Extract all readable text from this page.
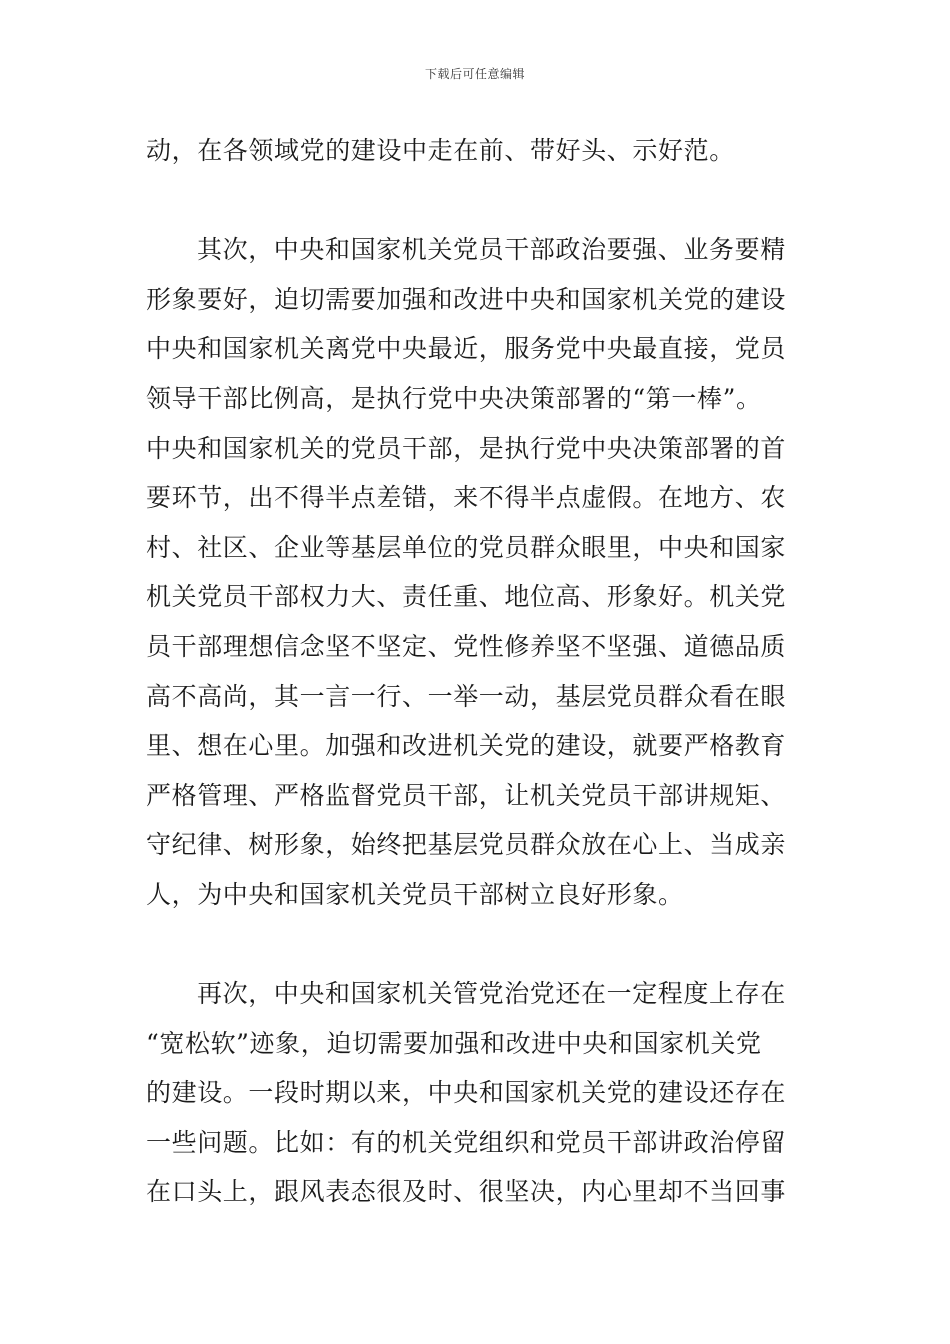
下载后可任意编辑
动，在各领域党的建设中走在前、带好头、示好范。
其次，中央和国家机关党员干部政治要强、业务要精
形象要好，迫切需要加强和改进中央和国家机关党的建设
中央和国家机关离党中央最近，服务党中央最直接，党员
领导干部比例高，是执行党中央决策部署的“第一棒”。
中央和国家机关的党员干部，是执行党中央决策部署的首
要环节，出不得半点差错，来不得半点虚假。在地方、农
村、社区、企业等基层单位的党员群众眼里，中央和国家
机关党员干部权力大、责任重、地位高、形象好。机关党
员干部理想信念坚不坚定、党性修养坚不坚强、道德品质
高不高尚，其一言一行、一举一动，基层党员群众看在眼
里、想在心里。加强和改进机关党的建设，就要严格教育
严格管理、严格监督党员干部，让机关党员干部讲规矩、
守纪律、树形象，始终把基层党员群众放在心上、当成亲
人，为中央和国家机关党员干部树立良好形象。
再次，中央和国家机关管党治党还在一定程度上存在
“宽松软”迹象，迫切需要加强和改进中央和国家机关党
的建设。一段时期以来，中央和国家机关党的建设还存在
一些问题。比如：有的机关党组织和党员干部讲政治停留
在口头上，跟风表态很及时、很坚决，内心里却不当回事
